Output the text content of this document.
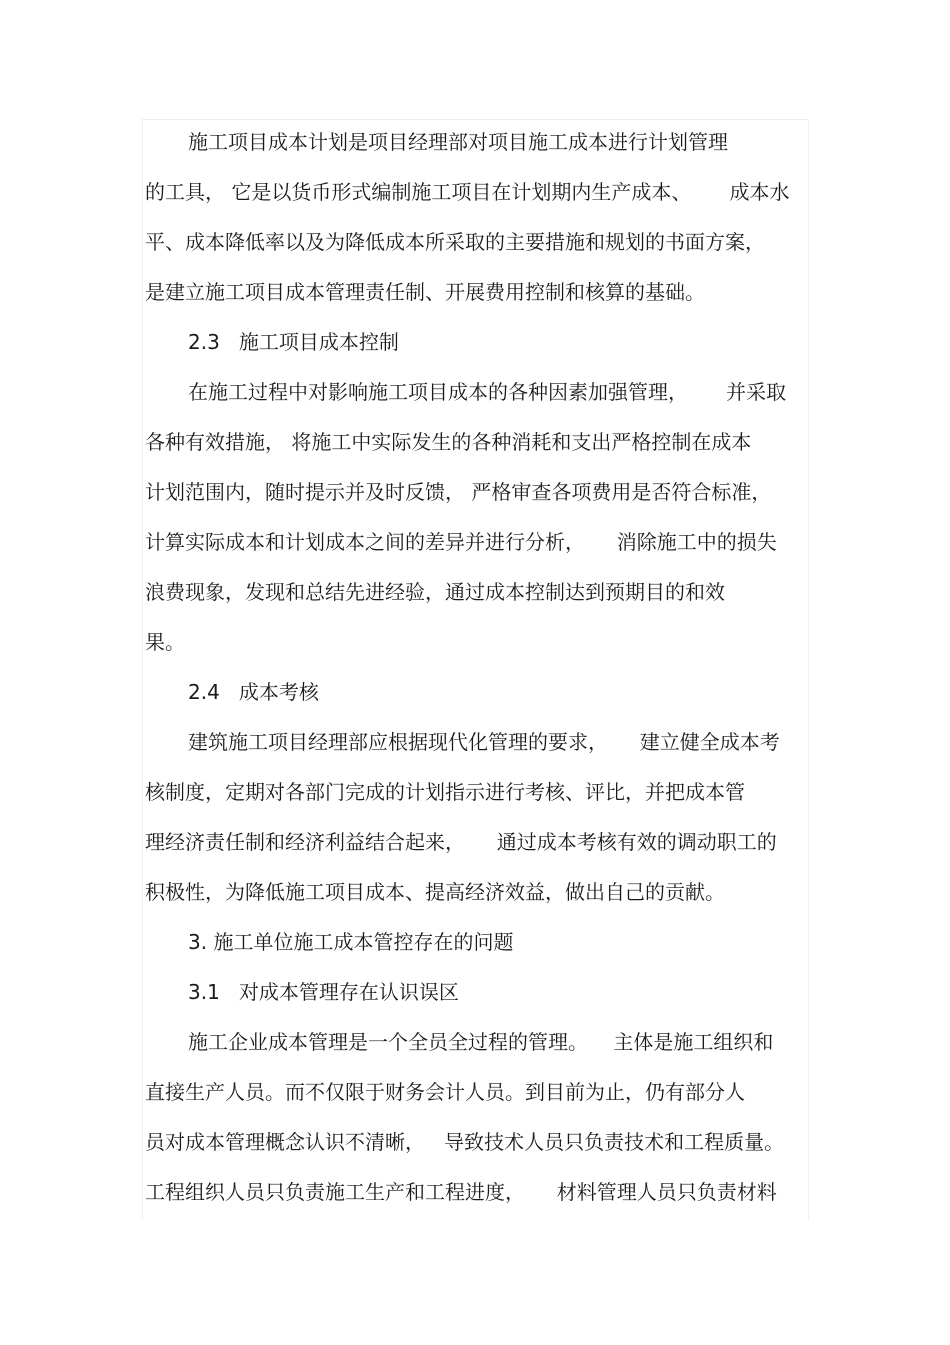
施工项目成本计划是项目经理部对项目施工成本进行计划管理

的工具， 它是以货币形式编制施工项目在计划期内生产成本、      成本水

平、成本降低率以及为降低成本所采取的主要措施和规划的书面方案，

是建立施工项目成本管理责任制、开展费用控制和核算的基础。

2.3   施工项目成本控制

在施工过程中对影响施工项目成本的各种因素加强管理，      并采取

各种有效措施， 将施工中实际发生的各种消耗和支出严格控制在成本

计划范围内，随时提示并及时反馈， 严格审查各项费用是否符合标准，

计算实际成本和计划成本之间的差异并进行分析，     消除施工中的损失

浪费现象，发现和总结先进经验，通过成本控制达到预期目的和效

果。

2.4   成本考核

建筑施工项目经理部应根据现代化管理的要求，     建立健全成本考

核制度，定期对各部门完成的计划指示进行考核、评比，并把成本管

理经济责任制和经济利益结合起来，     通过成本考核有效的调动职工的

积极性，为降低施工项目成本、提高经济效益，做出自己的贡献。

3. 施工单位施工成本管控存在的问题

3.1   对成本管理存在认识误区

施工企业成本管理是一个全员全过程的管理。    主体是施工组织和

直接生产人员。而不仅限于财务会计人员。到目前为止，仍有部分人

员对成本管理概念认识不清晰，   导致技术人员只负责技术和工程质量。

工程组织人员只负责施工生产和工程进度，     材料管理人员只负责材料
